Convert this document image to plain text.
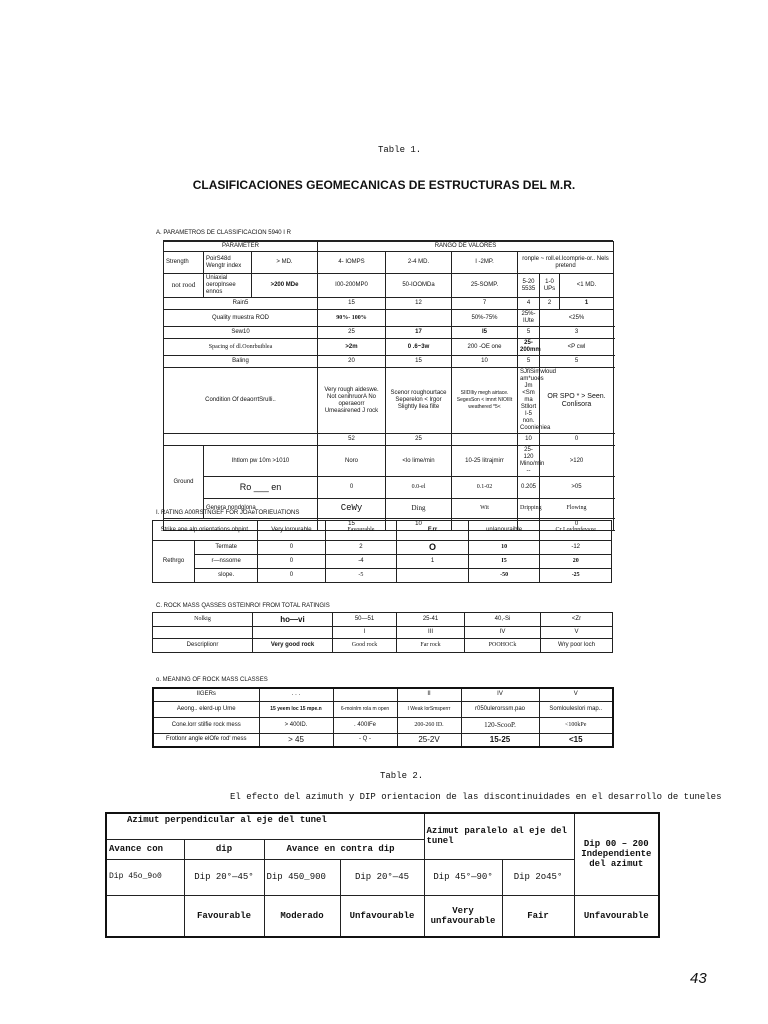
Table 1.
CLASIFICACIONES GEOMECANICAS DE ESTRUCTURAS DEL M.R.
A. PARAMETROS DE CLASSIFICACION 5940 I R
PARAMETER			RANGO DE VALORES						
Strength	PoirS48d Wengtr index	> MD.	4- IOMPS	2-4 MD.	I -2MP.	ronple ~ roll.el.Icomprie-or.. Nels pretend			
not rood	Uniaxial oeroplnsee ennos	>200 MDe	I00-200MP0	50-IOOMDa	25-SOMP.	5-20 5535	1-0 UPs	<1 MD.	
Rain5			15	12	7	4	2	1	
Quality muestra ROD			90%- 100%		50%-75%	25%-IUte	<25%		
Sew10			25	17	I5	5	3		
Spacing of dl.Oonrbuiblea			>2m	0 .6~3w	200 -OE one	25-200mm	<P cwl		
Baling			20	15	10	5	5		
Condition Of deaorrtSrulli..			Very rough aideswe. Not cenihruorA No operaeorr Umeasirened J rock	Scenor roughourtace Seperelon < lrgor Slightly llea filte	SIIDIIiy megh airtace. SegesSon < imnrt NIOIlIt weathered *5<	SJfiSimwloud am*uoes Jm <Sm ma Stllort I-5 non. Coonieniea	OR SPO * > Seen. Conlisora		
			52	25		10	0		
Ground	Ihtlom pw 10m >1010		Noro	<lo lime/min	10-25 Iitrajmirr	25-120 Mino/min --	>120		
	Ro ___ en		0	0.0-el	0.1-02	0.205	>05		
	Genera nondglona		CeWy	Ding	Wit	Dripping	Flowing		
			15	10			0		
I. RATING A00RSTNGEF FOR JOAeTORIEUATIONS
Strike ane alp orientations obpint.		Very lorourable	Favourable	F.rr	unlanouraible	Cr Lovlnnfevsxe
Rethrgo	Termate	0	2	O	10	-12
	r—nssorne	0	-4	1	I5	20
	slope.	0	-5		-50	-25
C. ROCK MASS QASSES GSTEINRO! FROM TOTAL RATINGIS
Nolkig	ho—vi	50—51	25-41	40,-Si	<Zr
		I	III	IV	V
Descriplionr	Very good rock	Good rock	Far rock	POOHOCk	Wry poor loch
o. MEANING OF ROCK MASS CLASSES
IIGERs	. . .		II	IV	V
Aeong.. elerd-up Ume	15 yeem loc 15 mpe.n	6-moinlm rola m open	I Weak lorSmsperrr	r050ulerorssm.pao	Somlouleslori map..
Cone.lorr stilfie rock mess	> 400ID.	. 400IFe	200-260 ID.	120-ScooP.	<100kPe
Frotlonr angle elOfe rod' mess	> 45	- Q -	25-2V	15-25	<15
Table 2.
El efecto del azimuth y DIP orientacion de las discontinuidades en el desarrollo de tuneles
Azimut perpendicular al eje del tunel				Azimut paralelo al eje del tunel		Dip 00 – 200 Independiente del azimut
Avance con	dip	Avance en contra dip				
Dip 45o_9o0	Dip 20°—45°	Dip 450_900	Dip 20°—45	Dip 45°—90°	Dip 2o45°	
	Favourable	Moderado	Unfavourable	Very unfavourable	Fair	Unfavourable
43
